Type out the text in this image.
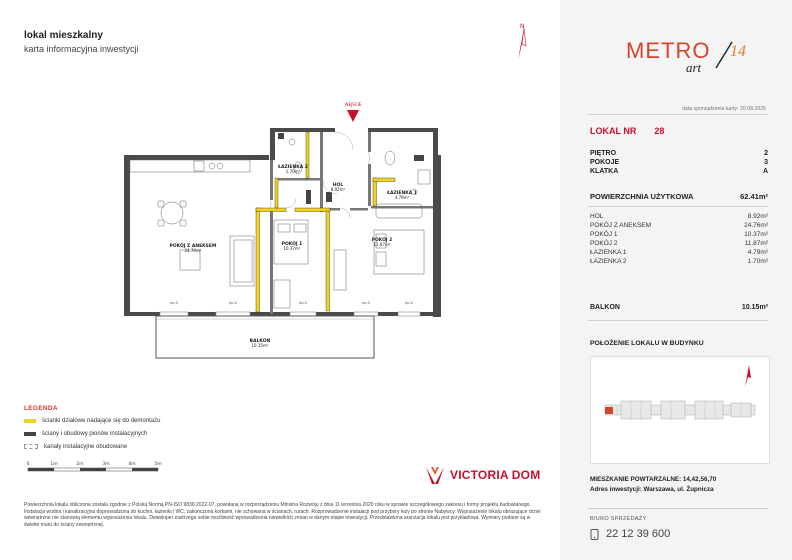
lokal mieszkalny
karta informacyjna inwestycji
N
WEJŚCIE
ŁAZIENKA 2
1.70m²
HOL
8.92m²
ŁAZIENKA 1
4.79m²
POKÓJ Z ANEKSEM
24.76m²
POKÓJ 1
10.37m²
POKÓJ 2
11.87m²
BALKON
10.15m²
hp 0	hp 0	hp 0	hp 0	hp 0
LEGENDA
ścianki działowe nadające się do demontażu
ściany i obudowy pionów instalacyjnych
kanały instalacyjne obudowane
0	1m	2m	3m	4m	5m
VICTORIA DOM
Powierzchnia lokalu obliczona zostala zgodnie z Polską Normą PN-ISO 9836:2022-07, powołaną w rozporządzeniu Ministra Rozwoju z dnia 11 września 2020 roku w sprawie szczegółowego zakresu i formy projektu budowlanego. Instalacja wodna i kanalizacyjna doprowadzona do kuchni, łazienki i WC, zakończona korkami, nie schowana w ścianach, rurach. Rozprowadzenie instalacji pod przybory leży po stronie Nabywcy. Wyposażenie lokalu obrazujące drzwi wewnętrzne nie stanowią elementu wyposażenia lokalu. Deweloper zastrzega sobie możliwość wprowadzenia niewielkich zmian w danym etapie inwestycji. Przedstawiona aranżacja lokalu jest przykładowa. Wymiary podane są w świetle muru do ściany zewnętrznej.
METRO
art
14
data sporządzenia karty: 20.08.2025
LOKAL NR 28
PIĘTRO	2
POKOJE	3
KLATKA	A
POWIERZCHNIA UŻYTKOWA	62.41m²
HOL	8.92m²
POKÓJ Z ANEKSEM	24.76m²
POKÓJ 1	10.37m²
POKÓJ 2	11.87m²
ŁAZIENKA 1	4.79m²
ŁAZIENKA 2	1.70m²
BALKON	10.15m²
POŁOŻENIE LOKALU W BUDYNKU
MIESZKANIE POWTARZALNE: 14,42,56,70
Adres inwestycji: Warszawa, ul. Żupnicza
BIURO SPRZEDAŻY
22 12 39 600
